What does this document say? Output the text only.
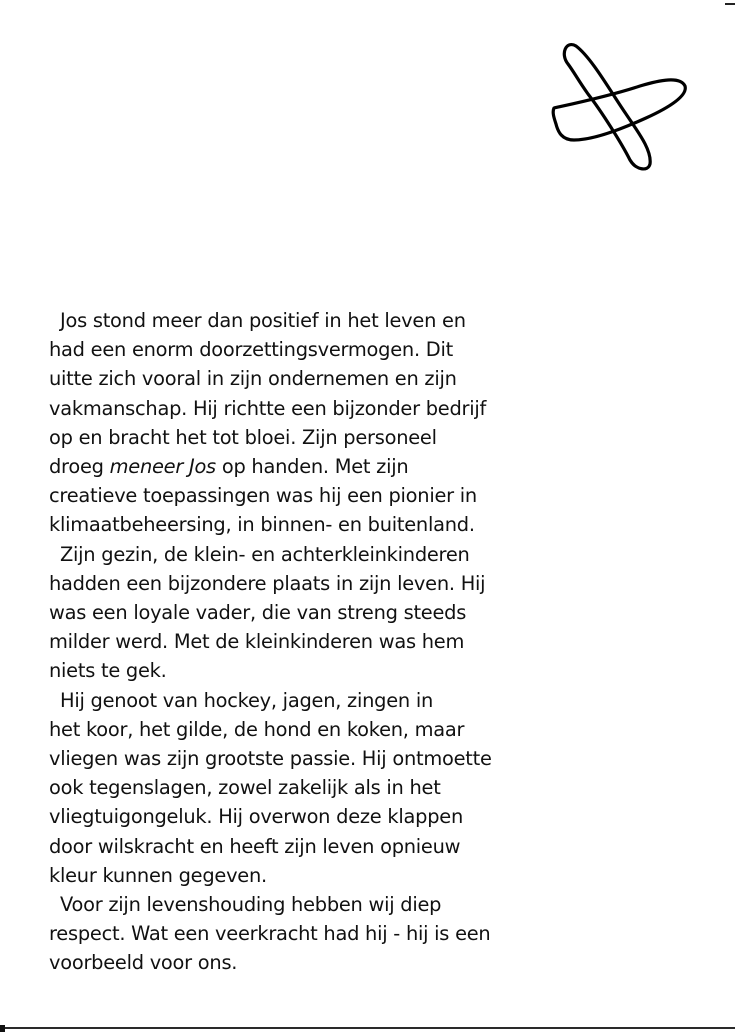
Jos stond meer dan positief in het leven en
had een enorm doorzettingsvermogen. Dit
uitte zich vooral in zijn ondernemen en zijn
vakmanschap. Hij richtte een bijzonder bedrijf
op en bracht het tot bloei. Zijn personeel
droeg meneer Jos op handen. Met zijn
creatieve toepassingen was hij een pionier in
klimaatbeheersing, in binnen- en buitenland.
Zijn gezin, de klein- en achterkleinkinderen
hadden een bijzondere plaats in zijn leven. Hij
was een loyale vader, die van streng steeds
milder werd. Met de kleinkinderen was hem
niets te gek.
Hij genoot van hockey, jagen, zingen in
het koor, het gilde, de hond en koken, maar
vliegen was zijn grootste passie. Hij ontmoette
ook tegenslagen, zowel zakelijk als in het
vliegtuigongeluk. Hij overwon deze klappen
door wilskracht en heeft zijn leven opnieuw
kleur kunnen gegeven.
Voor zijn levenshouding hebben wij diep
respect. Wat een veerkracht had hij - hij is een
voorbeeld voor ons.
